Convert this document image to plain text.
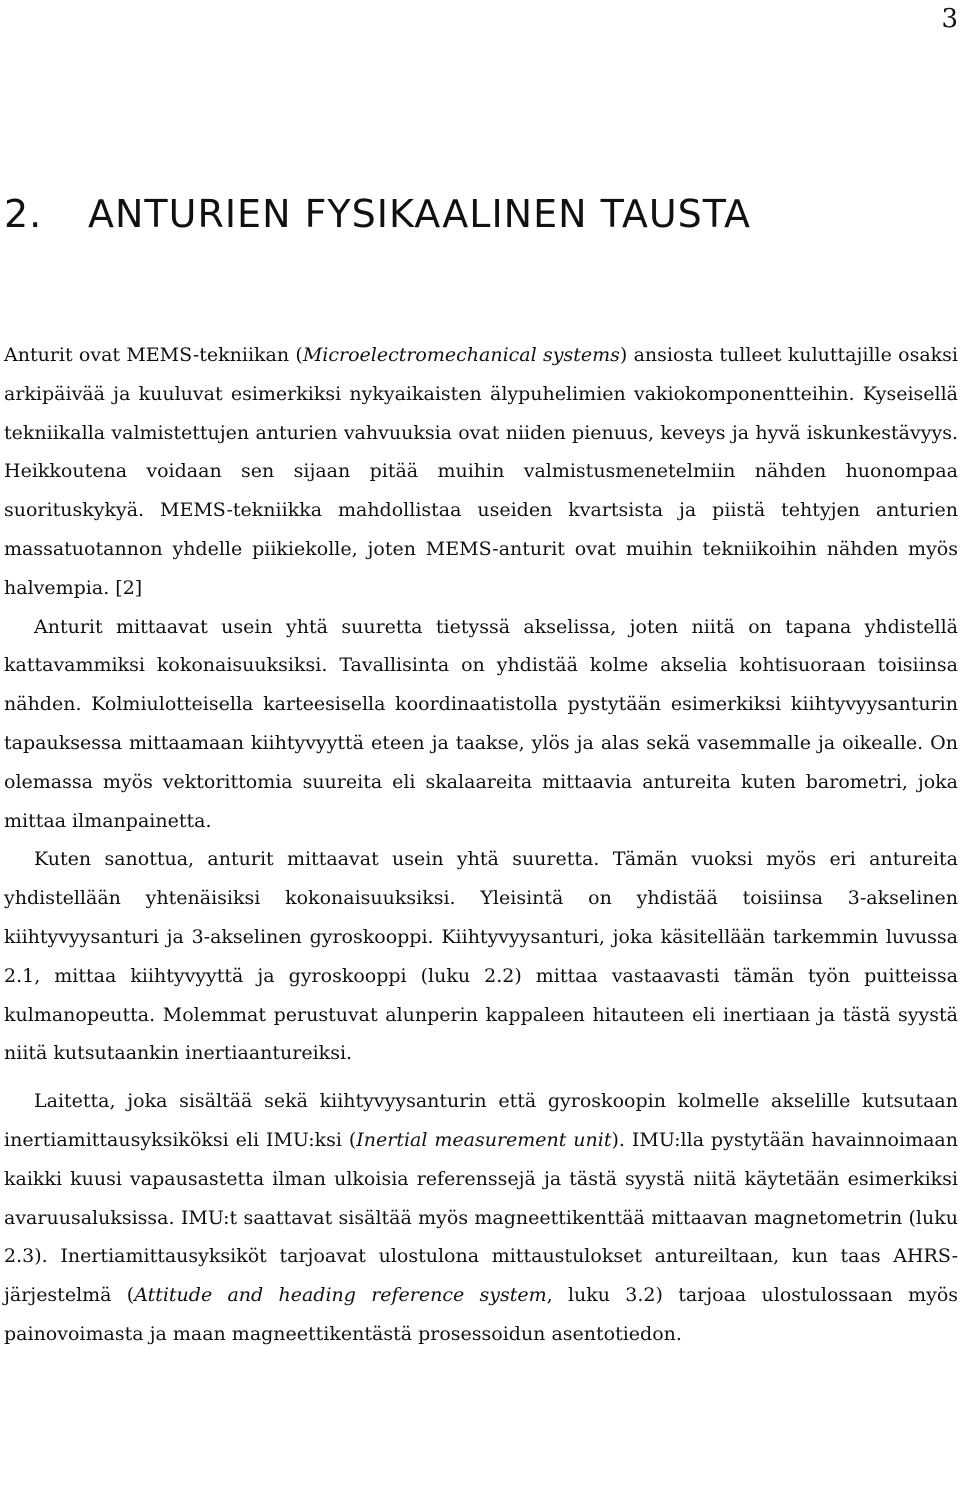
3
2. ANTURIEN FYSIKAALINEN TAUSTA

Anturit ovat MEMS-tekniikan (Microelectromechanical systems) ansiosta tulleet kuluttajille osaksi arkipäivää ja kuuluvat esimerkiksi nykyaikaisten älypuhelimien vakiokomponentteihin. Kyseisellä tekniikalla valmistettujen anturien vahvuuksia ovat niiden pienuus, keveys ja hyvä iskunkestävyys. Heikkoutena voidaan sen sijaan pitää muihin valmistusmenetelmiin nähden huonompaa suorituskykyä. MEMS-tekniikka mahdollistaa useiden kvartsista ja piistä tehtyjen anturien massatuotannon yhdelle piikiekolle, joten MEMS-anturit ovat muihin tekniikoihin nähden myös halvempia. [2]

Anturit mittaavat usein yhtä suuretta tietyssä akselissa, joten niitä on tapana yhdistellä kattavammiksi kokonaisuuksiksi. Tavallisinta on yhdistää kolme akselia kohtisuoraan toisiinsa nähden. Kolmiulotteisella karteesisella koordinaatistolla pystytään esimerkiksi kiihtyvyysanturin tapauksessa mittaamaan kiihtyvyyttä eteen ja taakse, ylös ja alas sekä vasemmalle ja oikealle. On olemassa myös vektorittomia suureita eli skalaareita mittaavia antureita kuten barometri, joka mittaa ilmanpainetta.

Kuten sanottua, anturit mittaavat usein yhtä suuretta. Tämän vuoksi myös eri antureita yhdistellään yhtenäisiksi kokonaisuuksiksi. Yleisintä on yhdistää toisiinsa 3-akselinen kiihtyvyysanturi ja 3-akselinen gyroskooppi. Kiihtyvyysanturi, joka käsitellään tarkemmin luvussa 2.1, mittaa kiihtyvyyttä ja gyroskooppi (luku 2.2) mittaa vastaavasti tämän työn puitteissa kulmanopeutta. Molemmat perustuvat alunperin kappaleen hitauteen eli inertiaan ja tästä syystä niitä kutsutaankin inertiaantureiksi.

Laitetta, joka sisältää sekä kiihtyvyysanturin että gyroskoopin kolmelle akselille kutsutaan inertiamittausyksiköksi eli IMU:ksi (Inertial measurement unit). IMU:lla pystytään havainnoimaan kaikki kuusi vapausastetta ilman ulkoisia referenssejä ja tästä syystä niitä käytetään esimerkiksi avaruusaluksissa. IMU:t saattavat sisältää myös magneettikenttää mittaavan magnetometrin (luku 2.3). Inertiamittausyksiköt tarjoavat ulostulona mittaustulokset antureiltaan, kun taas AHRS-järjestelmä (Attitude and heading reference system, luku 3.2) tarjoaa ulostulossaan myös painovoimasta ja maan magneettikentästä prosessoidun asentotiedon.
